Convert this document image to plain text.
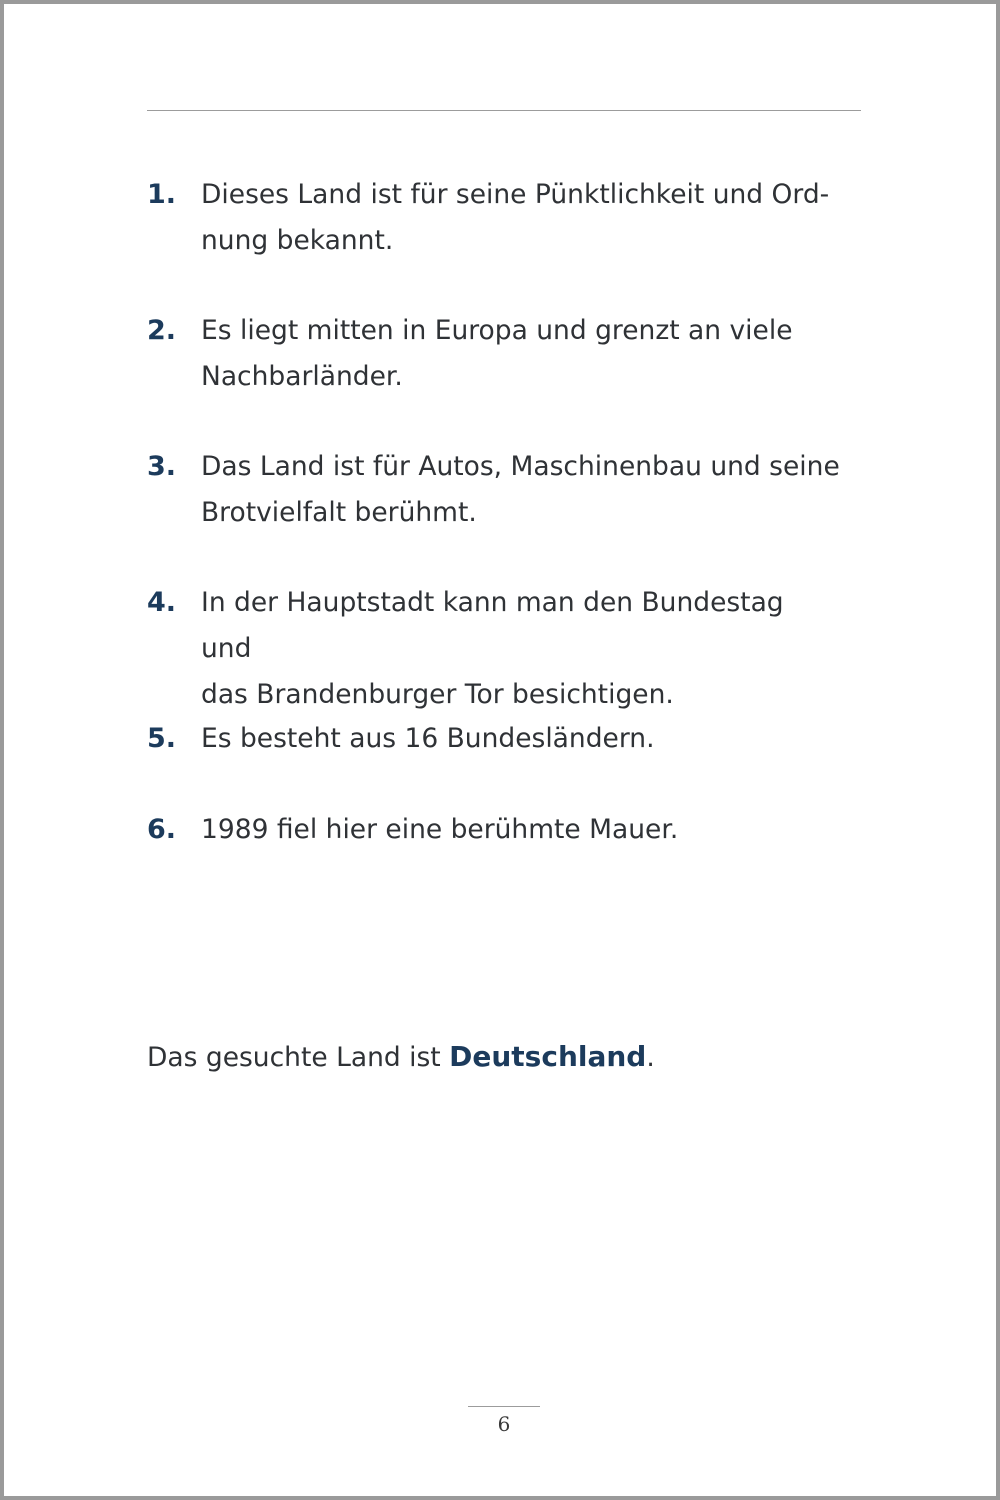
1. Dieses Land ist für seine Pünktlichkeit und Ord-
nung bekannt.
2. Es liegt mitten in Europa und grenzt an viele
Nachbarländer.
3. Das Land ist für Autos, Maschinenbau und seine
Brotvielfalt berühmt.
4. In der Hauptstadt kann man den Bundestag und
das Brandenburger Tor besichtigen.
5. Es besteht aus 16 Bundesländern.
6. 1989 fiel hier eine berühmte Mauer.
Das gesuchte Land ist Deutschland.
6
